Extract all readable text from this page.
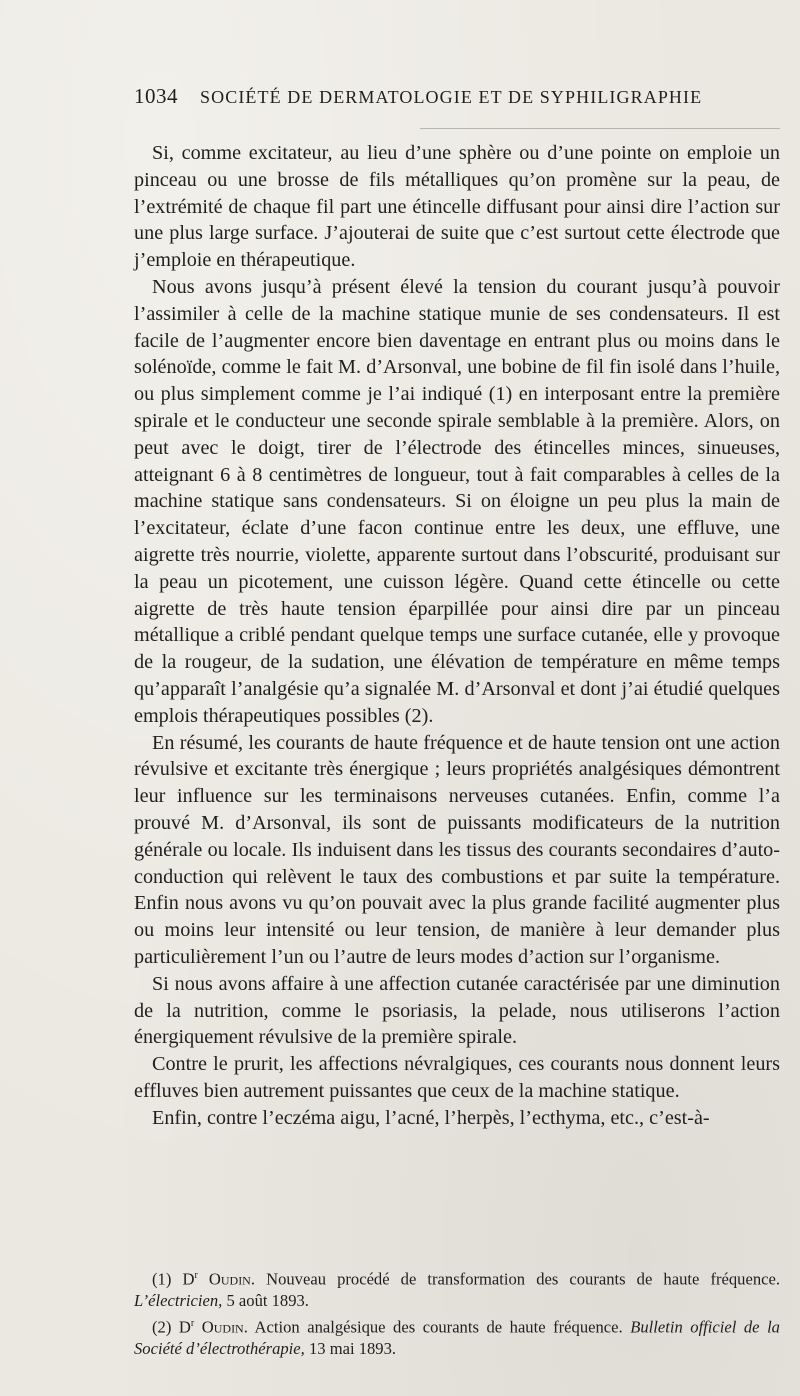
1034 SOCIÉTÉ DE DERMATOLOGIE ET DE SYPHILIGRAPHIE

Si, comme excitateur, au lieu d’une sphère ou d’une pointe on emploie un pinceau ou une brosse de fils métalliques qu’on promène sur la peau, de l’extrémité de chaque fil part une étincelle diffusant pour ainsi dire l’action sur une plus large surface. J’ajouterai de suite que c’est surtout cette électrode que j’emploie en thérapeutique.

Nous avons jusqu’à présent élevé la tension du courant jusqu’à pouvoir l’assimiler à celle de la machine statique munie de ses condensateurs. Il est facile de l’augmenter encore bien daventage en entrant plus ou moins dans le solénoïde, comme le fait M. d’Arsonval, une bobine de fil fin isolé dans l’huile, ou plus simplement comme je l’ai indiqué (1) en interposant entre la première spirale et le conducteur une seconde spirale semblable à la première. Alors, on peut avec le doigt, tirer de l’électrode des étincelles minces, sinueuses, atteignant 6 à 8 centimètres de longueur, tout à fait comparables à celles de la machine statique sans condensateurs. Si on éloigne un peu plus la main de l’excitateur, éclate d’une facon continue entre les deux, une effluve, une aigrette très nourrie, violette, apparente surtout dans l’obscurité, produisant sur la peau un picotement, une cuisson légère. Quand cette étincelle ou cette aigrette de très haute tension éparpillée pour ainsi dire par un pinceau métallique a criblé pendant quelque temps une surface cutanée, elle y provoque de la rougeur, de la sudation, une élévation de température en même temps qu’apparaît l’analgésie qu’a signalée M. d’Arsonval et dont j’ai étudié quelques emplois thérapeutiques possibles (2).

En résumé, les courants de haute fréquence et de haute tension ont une action révulsive et excitante très énergique ; leurs propriétés analgésiques démontrent leur influence sur les terminaisons nerveuses cutanées. Enfin, comme l’a prouvé M. d’Arsonval, ils sont de puissants modificateurs de la nutrition générale ou locale. Ils induisent dans les tissus des courants secondaires d’auto-conduction qui relèvent le taux des combustions et par suite la température. Enfin nous avons vu qu’on pouvait avec la plus grande facilité augmenter plus ou moins leur intensité ou leur tension, de manière à leur demander plus particulièrement l’un ou l’autre de leurs modes d’action sur l’organisme.

Si nous avons affaire à une affection cutanée caractérisée par une diminution de la nutrition, comme le psoriasis, la pelade, nous utiliserons l’action énergiquement révulsive de la première spirale.

Contre le prurit, les affections névralgiques, ces courants nous donnent leurs effluves bien autrement puissantes que ceux de la machine statique.

Enfin, contre l’eczéma aigu, l’acné, l’herpès, l’ecthyma, etc., c’est-à-

(1) $D^r$ Oudin. Nouveau procédé de transformation des courants de haute fréquence. L’électricien, 5 août 1893.

(2) $D^r$ Oudin. Action analgésique des courants de haute fréquence. Bulletin officiel de la Société d’électrothérapie, 13 mai 1893.
